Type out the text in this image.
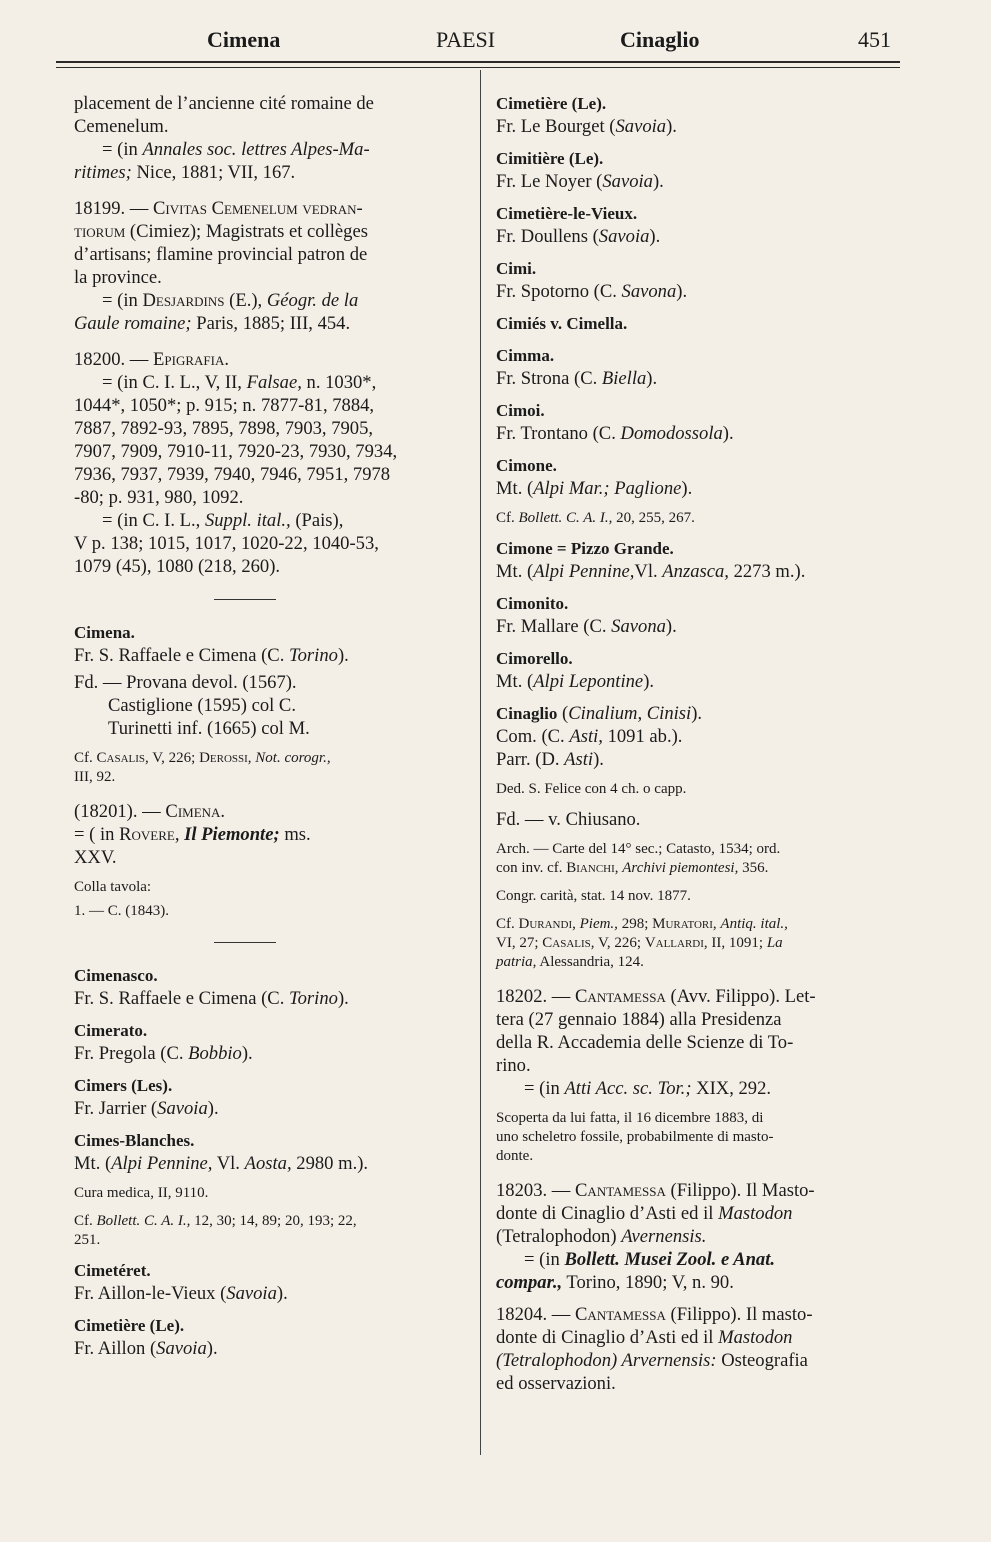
Cimena	PAESI	Cinaglio	451

placement de l’ancienne cité romaine de

Cemenelum.

= (in Annales soc. lettres Alpes-Ma-

ritimes; Nice, 1881; VII, 167.

18199. — Civitas Cemenelum vedran-

tiorum (Cimiez); Magistrats et collèges

d’artisans; flamine provincial patron de

la province.

= (in Desjardins (E.), Géogr. de la

Gaule romaine; Paris, 1885; III, 454.

18200. — Epigrafia.

= (in C. I. L., V, II, Falsae, n. 1030*,

1044*, 1050*; p. 915; n. 7877-81, 7884,

7887, 7892-93, 7895, 7898, 7903, 7905,

7907, 7909, 7910-11, 7920-23, 7930, 7934,

7936, 7937, 7939, 7940, 7946, 7951, 7978

-80; p. 931, 980, 1092.

= (in C. I. L., Suppl. ital., (Pais),

V p. 138; 1015, 1017, 1020-22, 1040-53,

1079 (45), 1080 (218, 260).

Cimena.

Fr. S. Raffaele e Cimena (C. Torino).

Fd. — Provana devol. (1567).

Castiglione (1595) col C.

Turinetti inf. (1665) col M.

Cf. Casalis, V, 226; Derossi, Not. corogr.,

III, 92.

(18201). — Cimena.

= ( in Rovere, Il Piemonte; ms.

XXV.

Colla tavola:

1. — C. (1843).

Cimenasco.

Fr. S. Raffaele e Cimena (C. Torino).

Cimerato.

Fr. Pregola (C. Bobbio).

Cimers (Les).

Fr. Jarrier (Savoia).

Cimes-Blanches.

Mt. (Alpi Pennine, Vl. Aosta, 2980 m.).

Cura medica, II, 9110.

Cf. Bollett. C. A. I., 12, 30; 14, 89; 20, 193; 22,

251.

Cimetéret.

Fr. Aillon-le-Vieux (Savoia).

Cimetière (Le).

Fr. Aillon (Savoia).

Cimetière (Le).

Fr. Le Bourget (Savoia).

Cimitière (Le).

Fr. Le Noyer (Savoia).

Cimetière-le-Vieux.

Fr. Doullens (Savoia).

Cimi.

Fr. Spotorno (C. Savona).

Cimiés v. Cimella.

Cimma.

Fr. Strona (C. Biella).

Cimoi.

Fr. Trontano (C. Domodossola).

Cimone.

Mt. (Alpi Mar.; Paglione).

Cf. Bollett. C. A. I., 20, 255, 267.

Cimone = Pizzo Grande.

Mt. (Alpi Pennine,Vl. Anzasca, 2273 m.).

Cimonito.

Fr. Mallare (C. Savona).

Cimorello.

Mt. (Alpi Lepontine).

Cinaglio (Cinalium, Cinisi).

Com. (C. Asti, 1091 ab.).

Parr. (D. Asti).

Ded. S. Felice con 4 ch. o capp.

Fd. — v. Chiusano.

Arch. — Carte del 14° sec.; Catasto, 1534; ord.

con inv. cf. Bianchi, Archivi piemontesi, 356.

Congr. carità, stat. 14 nov. 1877.

Cf. Durandi, Piem., 298; Muratori, Antiq. ital.,

VI, 27; Casalis, V, 226; Vallardi, II, 1091; La

patria, Alessandria, 124.

18202. — Cantamessa (Avv. Filippo). Let-

tera (27 gennaio 1884) alla Presidenza

della R. Accademia delle Scienze di To-

rino.

= (in Atti Acc. sc. Tor.; XIX, 292.

Scoperta da lui fatta, il 16 dicembre 1883, di

uno scheletro fossile, probabilmente di masto-

donte.

18203. — Cantamessa (Filippo). Il Masto-

donte di Cinaglio d’Asti ed il Mastodon

(Tetralophodon) Avernensis.

= (in Bollett. Musei Zool. e Anat.

compar., Torino, 1890; V, n. 90.

18204. — Cantamessa (Filippo). Il masto-

donte di Cinaglio d’Asti ed il Mastodon

(Tetralophodon) Arvernensis: Osteografia

ed osservazioni.
